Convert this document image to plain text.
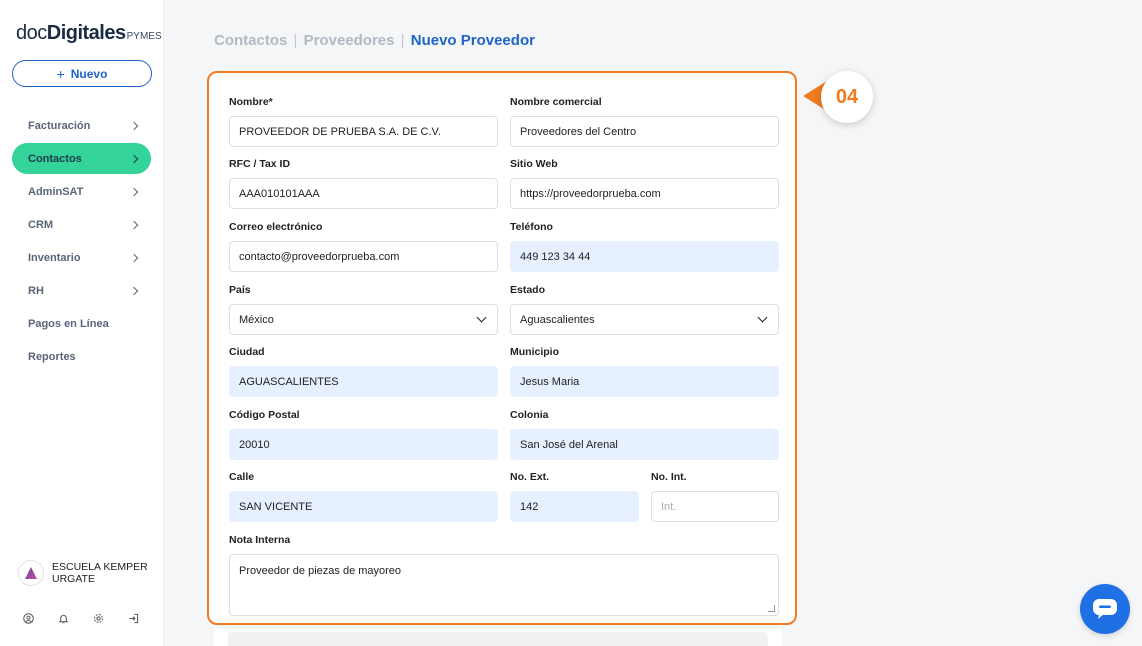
docDigitalesPYMES
+ Nuevo
Facturación
Contactos
AdminSAT
CRM
Inventario
RH
Pagos en Línea
Reportes
ESCUELA KEMPER
URGATE
Contactos | Proveedores | Nuevo Proveedor
Nombre*
PROVEEDOR DE PRUEBA S.A. DE C.V.
Nombre comercial
Proveedores del Centro
RFC / Tax ID
AAA010101AAA
Sitio Web
https://proveedorprueba.com
Correo electrónico
contacto@proveedorprueba.com
Teléfono
449 123 34 44
País
México
Estado
Aguascalientes
Ciudad
AGUASCALIENTES
Municipio
Jesus Maria
Código Postal
20010
Colonia
San José del Arenal
Calle
SAN VICENTE
No. Ext.
142
No. Int.
Int.
Nota Interna
Proveedor de piezas de mayoreo
04
